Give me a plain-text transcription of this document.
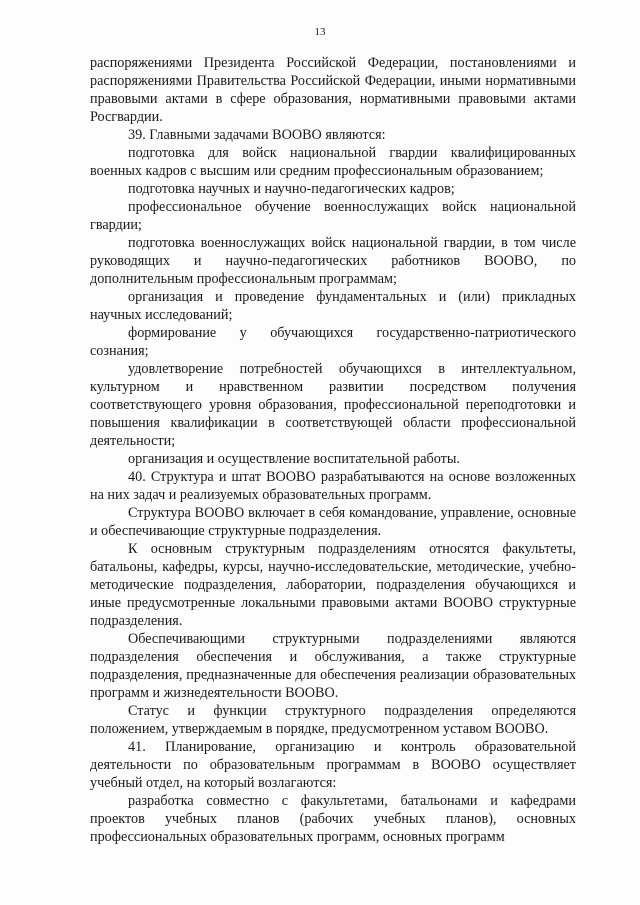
13

распоряжениями Президента Российской Федерации, постановлениями и распоряжениями Правительства Российской Федерации, иными нормативными правовыми актами в сфере образования, нормативными правовыми актами Росгвардии.

39. Главными задачами ВООВО являются:

подготовка для войск национальной гвардии квалифицированных военных кадров с высшим или средним профессиональным образованием;

подготовка научных и научно-педагогических кадров;

профессиональное обучение военнослужащих войск национальной гвардии;

подготовка военнослужащих войск национальной гвардии, в том числе руководящих и научно-педагогических работников ВООВО, по дополнительным профессиональным программам;

организация и проведение фундаментальных и (или) прикладных научных исследований;

формирование у обучающихся государственно-патриотического сознания;

удовлетворение потребностей обучающихся в интеллектуальном, культурном и нравственном развитии посредством получения соответствующего уровня образования, профессиональной переподготовки и повышения квалификации в соответствующей области профессиональной деятельности;

организация и осуществление воспитательной работы.

40. Структура и штат ВООВО разрабатываются на основе возложенных на них задач и реализуемых образовательных программ.

Структура ВООВО включает в себя командование, управление, основные и обеспечивающие структурные подразделения.

К основным структурным подразделениям относятся факультеты, батальоны, кафедры, курсы, научно-исследовательские, методические, учебно-методические подразделения, лаборатории, подразделения обучающихся и иные предусмотренные локальными правовыми актами ВООВО структурные подразделения.

Обеспечивающими структурными подразделениями являются подразделения обеспечения и обслуживания, а также структурные подразделения, предназначенные для обеспечения реализации образовательных программ и жизнедеятельности ВООВО.

Статус и функции структурного подразделения определяются положением, утверждаемым в порядке, предусмотренном уставом ВООВО.

41. Планирование, организацию и контроль образовательной деятельности по образовательным программам в ВООВО осуществляет учебный отдел, на который возлагаются:

разработка совместно с факультетами, батальонами и кафедрами проектов учебных планов (рабочих учебных планов), основных профессиональных образовательных программ, основных программ
